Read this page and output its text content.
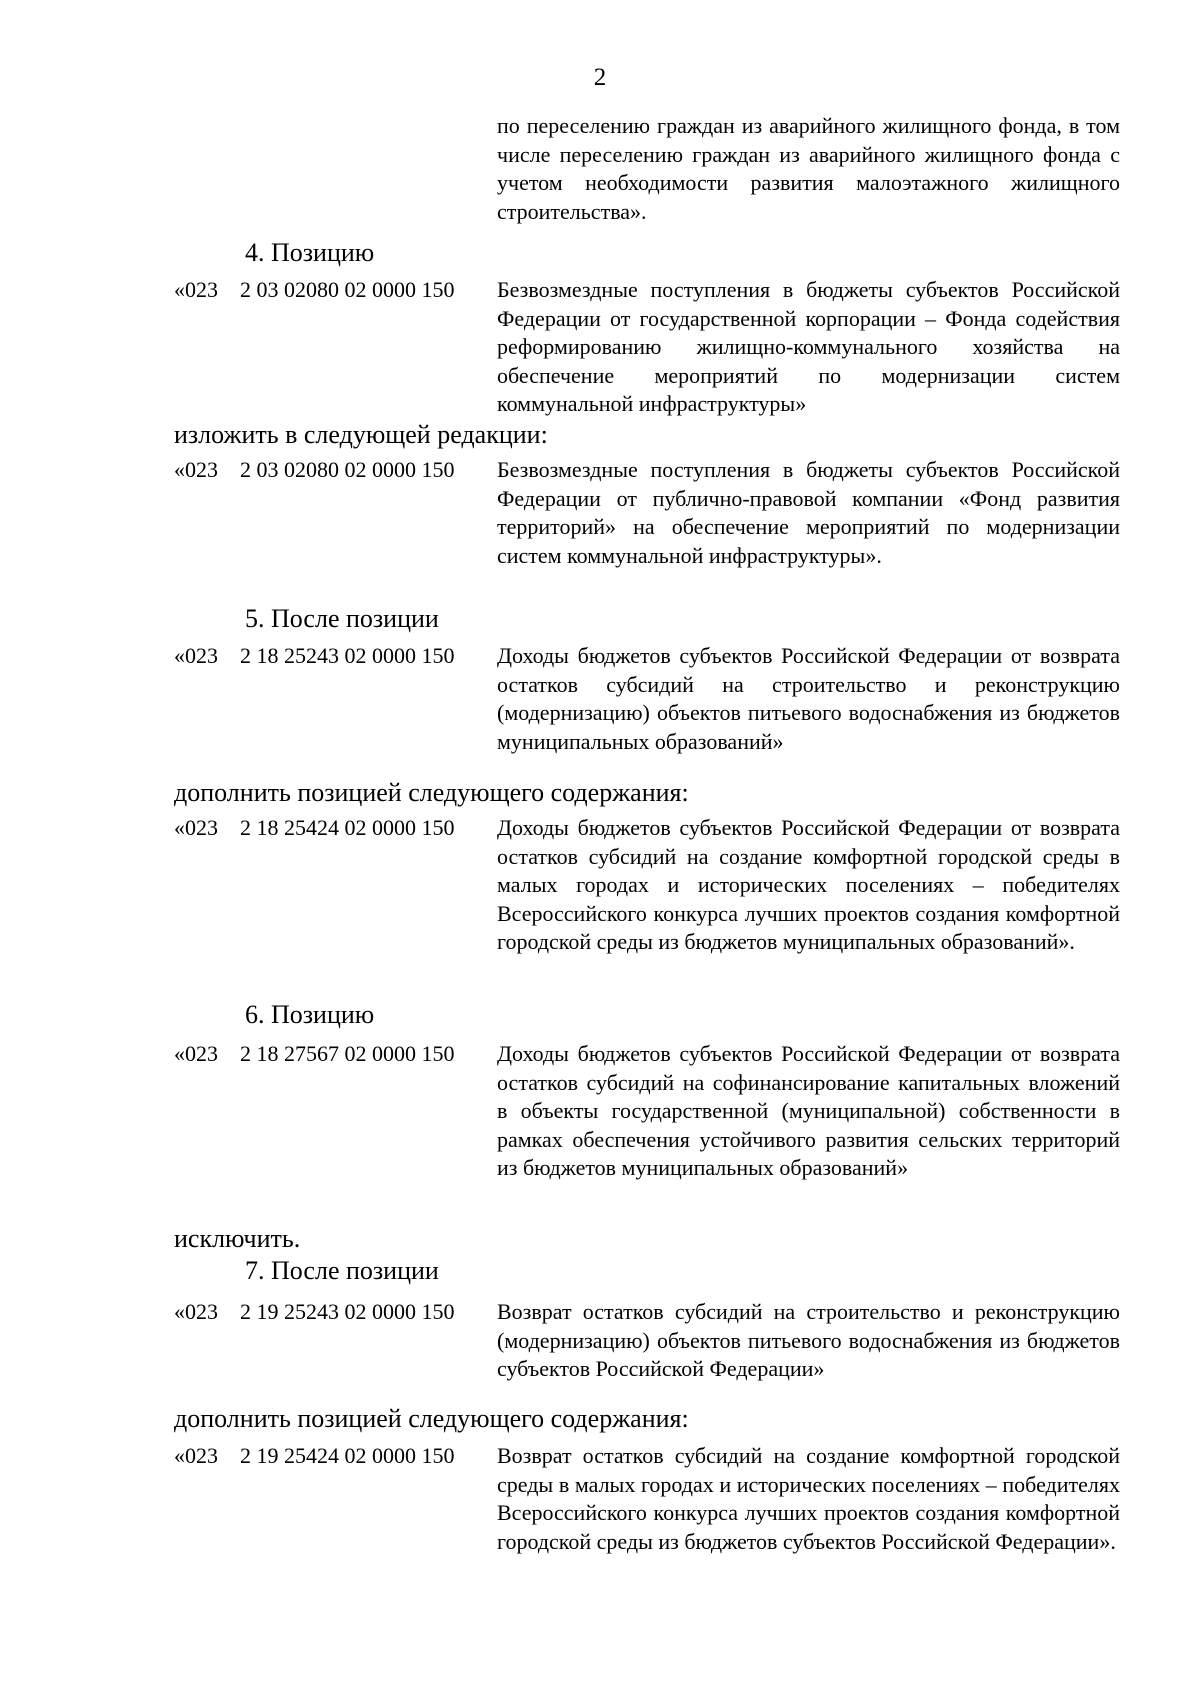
2
по переселению граждан из аварийного жилищного фонда, в том числе переселению граждан из аварийного жилищного фонда с учетом необходимости развития малоэтажного жилищного строительства».
4. Позицию
«023 2 03 02080 02 0000 150 Безвозмездные поступления в бюджеты субъектов Российской Федерации от государственной корпорации – Фонда содействия реформированию жилищно-коммунального хозяйства на обеспечение мероприятий по модернизации систем коммунальной инфраструктуры»
изложить в следующей редакции:
«023 2 03 02080 02 0000 150 Безвозмездные поступления в бюджеты субъектов Российской Федерации от публично-правовой компании «Фонд развития территорий» на обеспечение мероприятий по модернизации систем коммунальной инфраструктуры».
5. После позиции
«023 2 18 25243 02 0000 150 Доходы бюджетов субъектов Российской Федерации от возврата остатков субсидий на строительство и реконструкцию (модернизацию) объектов питьевого водоснабжения из бюджетов муниципальных образований»
дополнить позицией следующего содержания:
«023 2 18 25424 02 0000 150 Доходы бюджетов субъектов Российской Федерации от возврата остатков субсидий на создание комфортной городской среды в малых городах и исторических поселениях – победителях Всероссийского конкурса лучших проектов создания комфортной городской среды из бюджетов муниципальных образований».
6. Позицию
«023 2 18 27567 02 0000 150 Доходы бюджетов субъектов Российской Федерации от возврата остатков субсидий на софинансирование капитальных вложений в объекты государственной (муниципальной) собственности в рамках обеспечения устойчивого развития сельских территорий из бюджетов муниципальных образований»
исключить.
7. После позиции
«023 2 19 25243 02 0000 150 Возврат остатков субсидий на строительство и реконструкцию (модернизацию) объектов питьевого водоснабжения из бюджетов субъектов Российской Федерации»
дополнить позицией следующего содержания:
«023 2 19 25424 02 0000 150 Возврат остатков субсидий на создание комфортной городской среды в малых городах и исторических поселениях – победителях Всероссийского конкурса лучших проектов создания комфортной городской среды из бюджетов субъектов Российской Федерации».
